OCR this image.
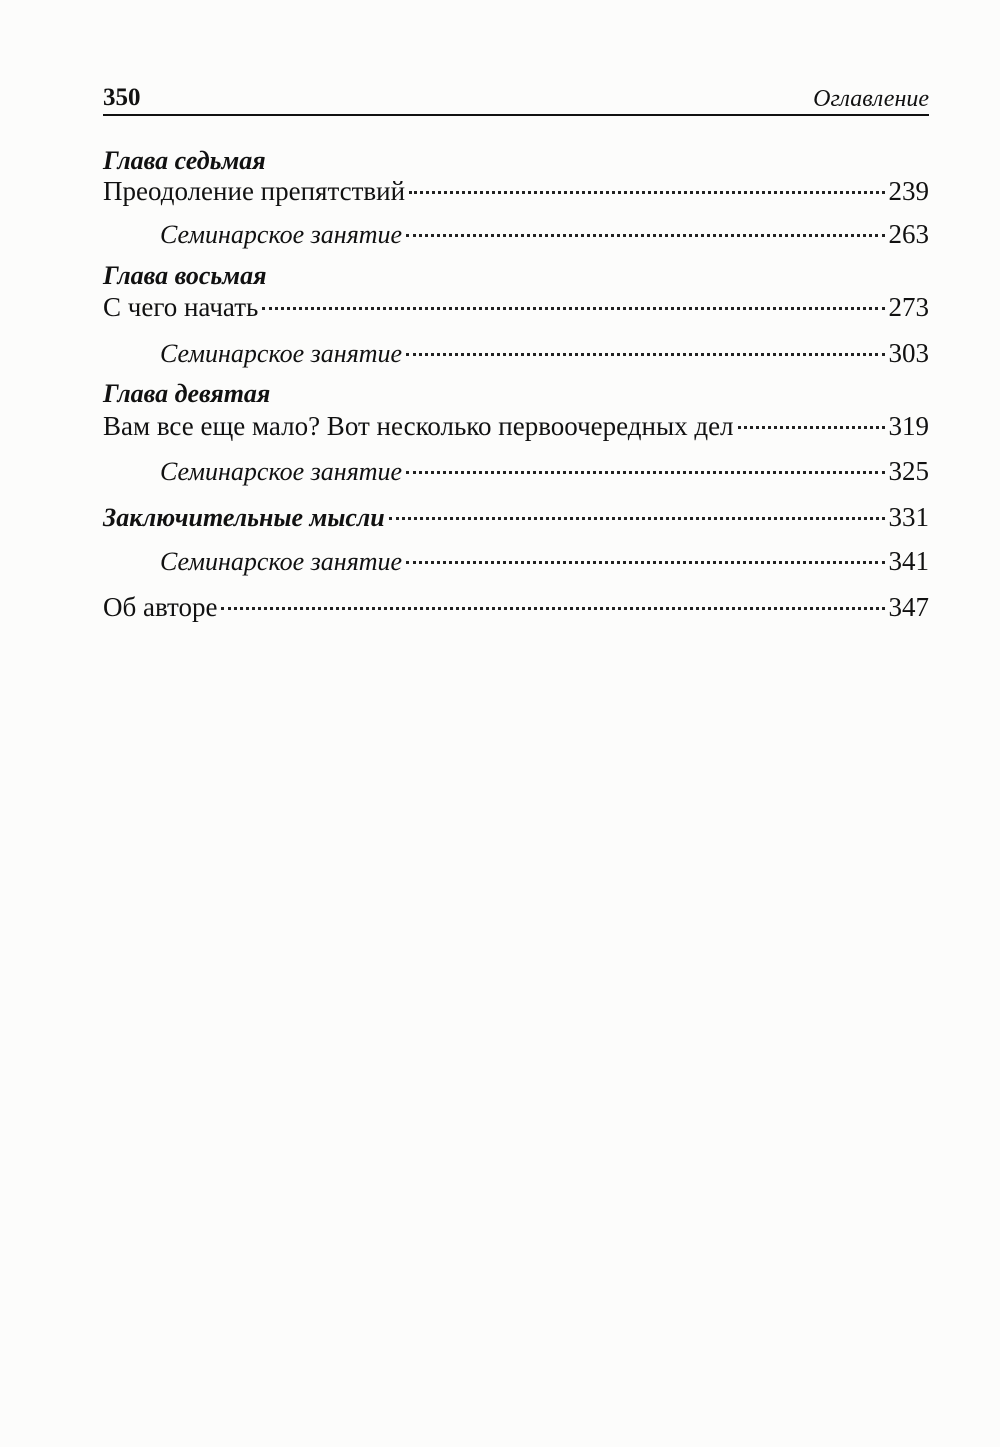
350	Оглавление
Глава седьмая
Преодоление препятствий	239
Семинарское занятие	263
Глава восьмая
С чего начать	273
Семинарское занятие	303
Глава девятая
Вам все еще мало? Вот несколько первоочередных дел	319
Семинарское занятие	325
Заключительные мысли	331
Семинарское занятие	341
Об авторе	347
